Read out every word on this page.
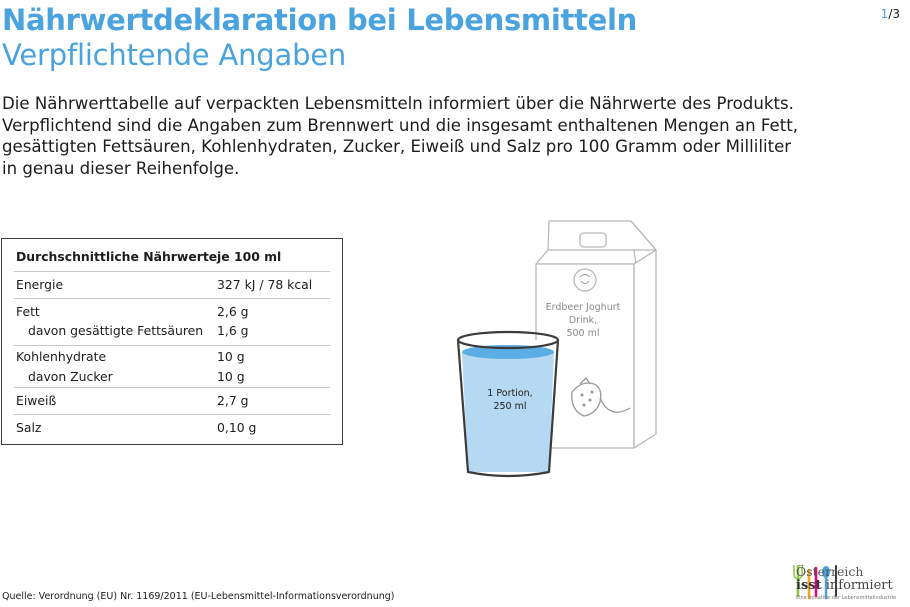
Nährwertdeklaration bei Lebensmitteln
Verpflichtende Angaben
1/3
Die Nährwerttabelle auf verpackten Lebensmitteln informiert über die Nährwerte des Produkts. Verpflichtend sind die Angaben zum Brennwert und die insgesamt enthaltenen Mengen an Fett, gesättigten Fettsäuren, Kohlenhydraten, Zucker, Eiweiß und Salz pro 100 Gramm oder Milliliter in genau dieser Reihenfolge.
Durchschnittliche Nährwerte je 100 ml
Energie	327 kJ / 78 kcal
Fett	2,6 g
davon gesättigte Fettsäuren 1,6 g
Kohlenhydrate	10 g
davon Zucker	10 g
Eiweiß	2,7 g
Salz	0,10 g
Erdbeer Joghurt
Drink,
500 ml
1 Portion,
250 ml
Quelle: Verordnung (EU) Nr. 1169/2011 (EU-Lebensmittel-Informationsverordnung)
Österreich
isst informiert
Eine Initiative der Lebensmittelindustrie
